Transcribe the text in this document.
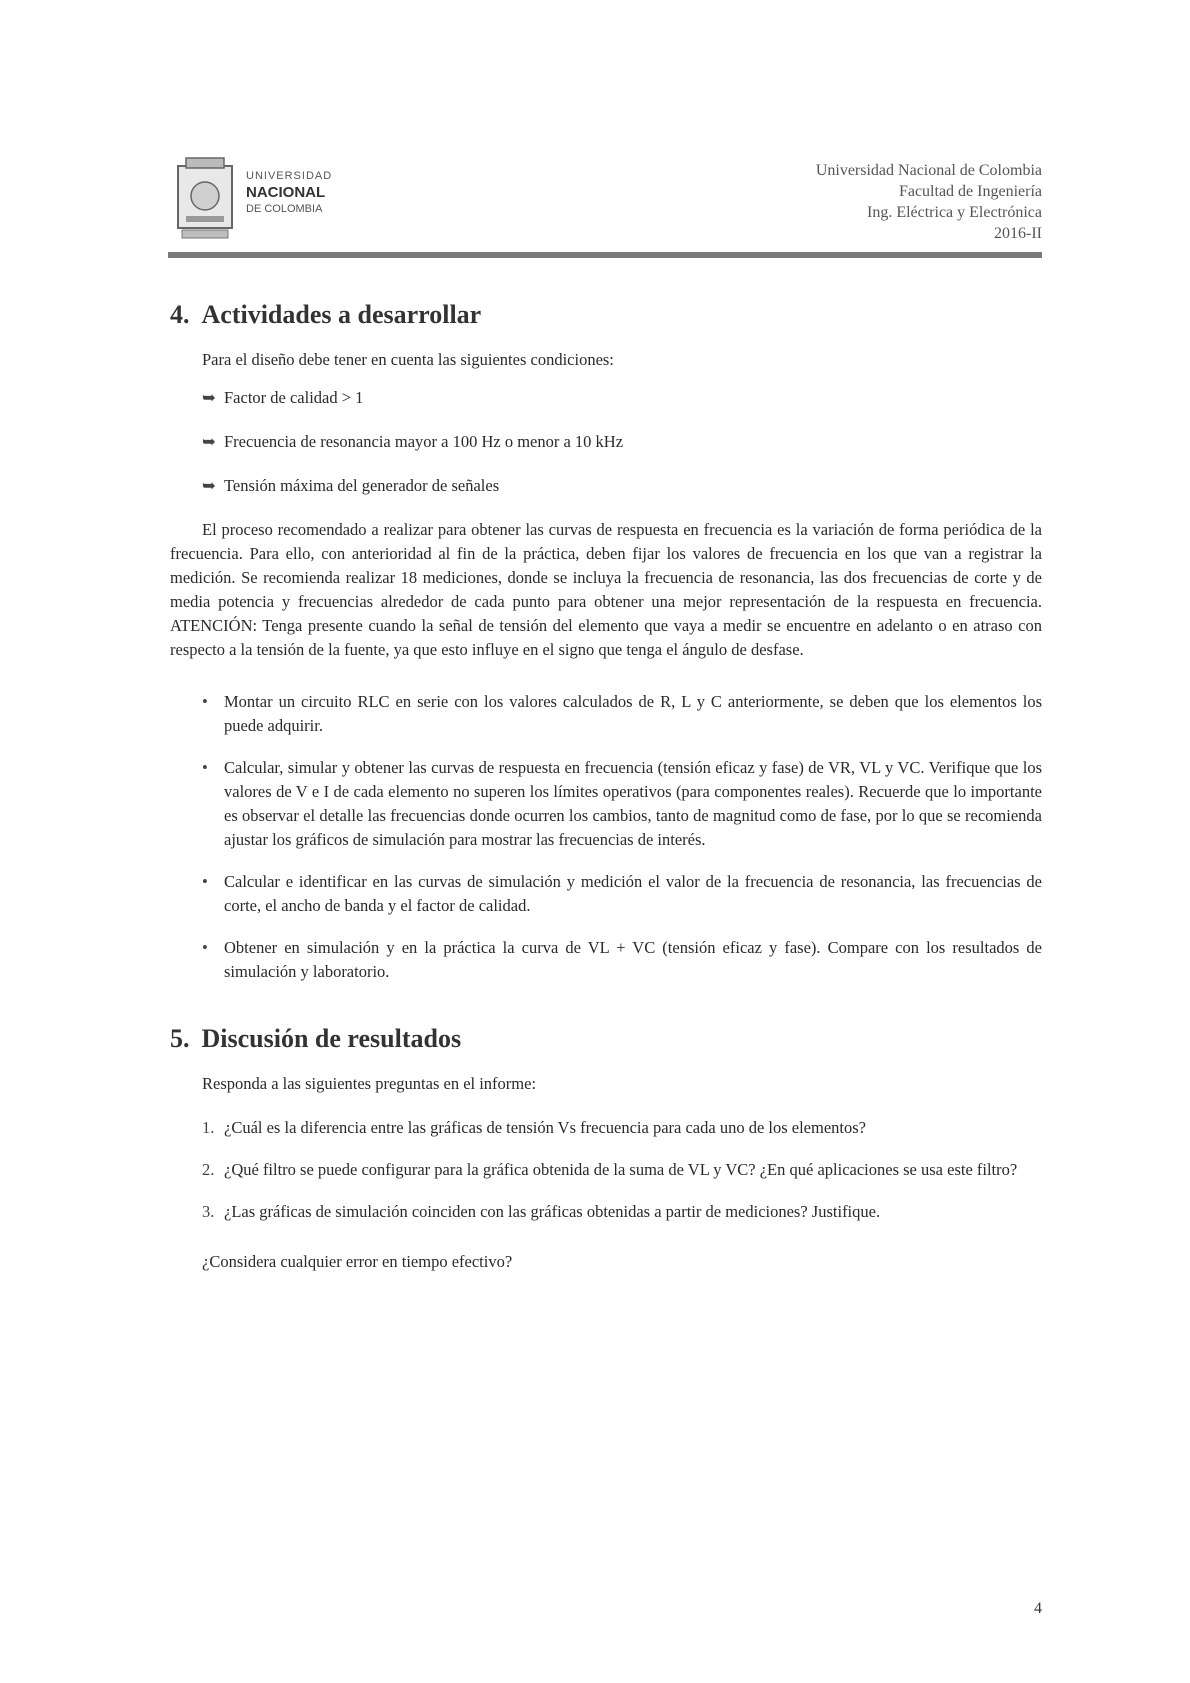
UNIVERSIDAD
NACIONAL
DE COLOMBIA
Universidad Nacional de Colombia
Facultad de Ingeniería
Ing. Eléctrica y Electrónica
2016-II
4. Actividades a desarrollar

Para el diseño debe tener en cuenta las siguientes condiciones:

➥ Factor de calidad > 1
➥ Frecuencia de resonancia mayor a 100 Hz o menor a 10 kHz
➥ Tensión máxima del generador de señales

El proceso recomendado a realizar para obtener las curvas de respuesta en frecuencia es la variación de forma periódica de la frecuencia. Para ello, con anterioridad al fin de la práctica, deben fijar los valores de frecuencia en los que van a registrar la medición. Se recomienda realizar 18 mediciones, donde se incluya la frecuencia de resonancia, las dos frecuencias de corte y de media potencia y frecuencias alrededor de cada punto para obtener una mejor representación de la respuesta en frecuencia. ATENCIÓN: Tenga presente cuando la señal de tensión del elemento que vaya a medir se encuentre en adelanto o en atraso con respecto a la tensión de la fuente, ya que esto influye en el signo que tenga el ángulo de desfase.

• Montar un circuito RLC en serie con los valores calculados de R, L y C anteriormente, se deben que los elementos los puede adquirir.
• Calcular, simular y obtener las curvas de respuesta en frecuencia (tensión eficaz y fase) de VR, VL y VC. Verifique que los valores de V e I de cada elemento no superen los límites operativos (para componentes reales). Recuerde que lo importante es observar el detalle las frecuencias donde ocurren los cambios, tanto de magnitud como de fase, por lo que se recomienda ajustar los gráficos de simulación para mostrar las frecuencias de interés.
• Calcular e identificar en las curvas de simulación y medición el valor de la frecuencia de resonancia, las frecuencias de corte, el ancho de banda y el factor de calidad.
• Obtener en simulación y en la práctica la curva de VL + VC (tensión eficaz y fase). Compare con los resultados de simulación y laboratorio.
5. Discusión de resultados

Responda a las siguientes preguntas en el informe:

1. ¿Cuál es la diferencia entre las gráficas de tensión Vs frecuencia para cada uno de los elementos?
2. ¿Qué filtro se puede configurar para la gráfica obtenida de la suma de VL y VC? ¿En qué aplicaciones se usa este filtro?
3. ¿Las gráficas de simulación coinciden con las gráficas obtenidas a partir de mediciones? Justifique.

¿Considera cualquier error en tiempo efectivo?

4
